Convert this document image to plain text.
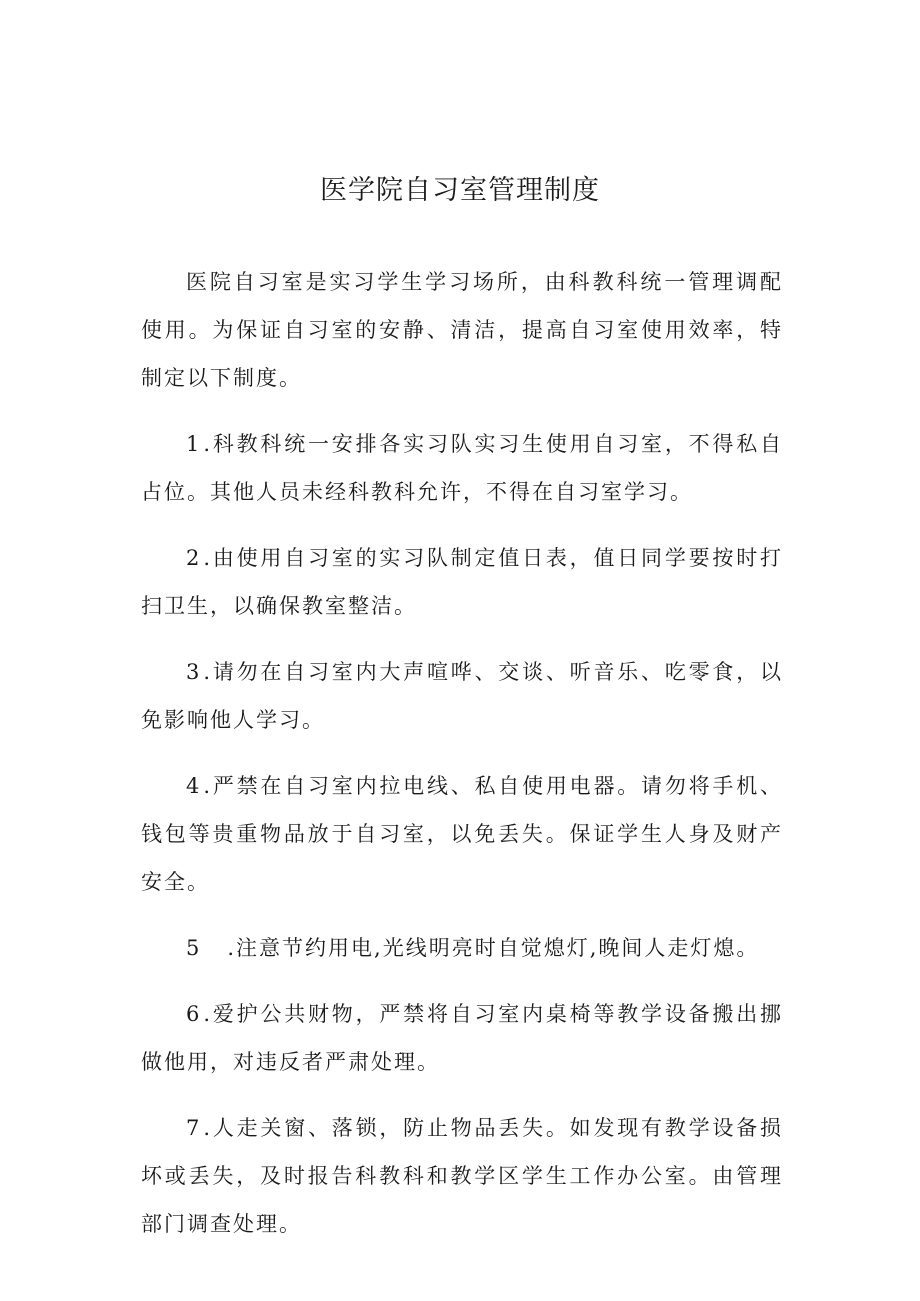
医学院自习室管理制度

医院自习室是实习学生学习场所，由科教科统一管理调配使用。为保证自习室的安静、清洁，提高自习室使用效率，特制定以下制度。

1.科教科统一安排各实习队实习生使用自习室，不得私自占位。其他人员未经科教科允许，不得在自习室学习。

2.由使用自习室的实习队制定值日表，值日同学要按时打扫卫生，以确保教室整洁。

3.请勿在自习室内大声喧哗、交谈、听音乐、吃零食，以免影响他人学习。

4.严禁在自习室内拉电线、私自使用电器。请勿将手机、钱包等贵重物品放于自习室，以免丢失。保证学生人身及财产安全。

5 .注意节约用电,光线明亮时自觉熄灯,晚间人走灯熄。

6.爱护公共财物，严禁将自习室内桌椅等教学设备搬出挪做他用，对违反者严肃处理。

7.人走关窗、落锁，防止物品丢失。如发现有教学设备损坏或丢失，及时报告科教科和教学区学生工作办公室。由管理部门调查处理。
